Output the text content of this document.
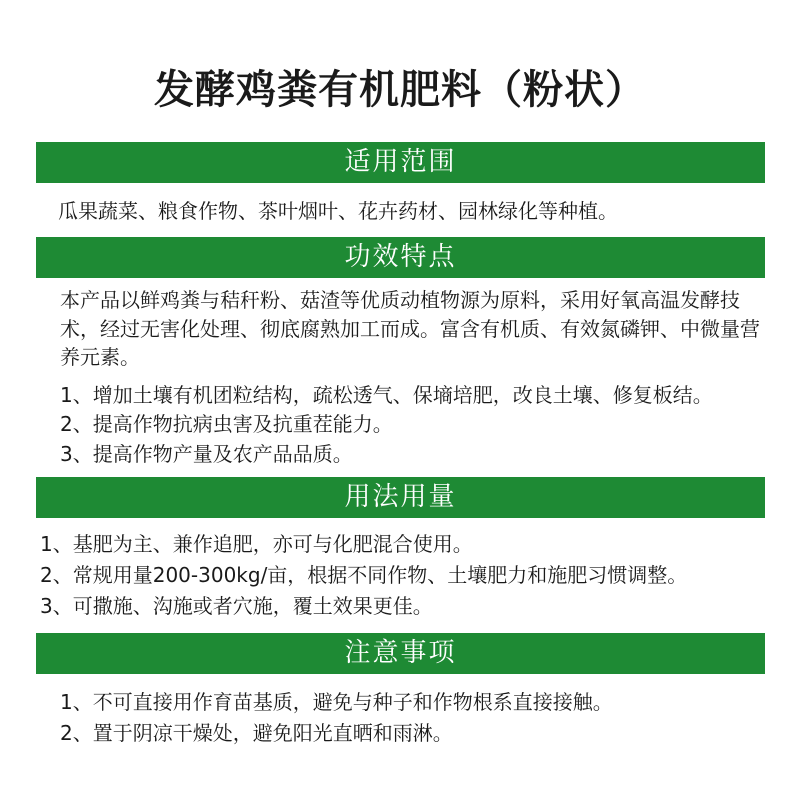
发酵鸡粪有机肥料（粉状）
适用范围
瓜果蔬菜、粮食作物、茶叶烟叶、花卉药材、园林绿化等种植。
功效特点
本产品以鲜鸡粪与秸秆粉、菇渣等优质动植物源为原料，采用好氧高温发酵技术，经过无害化处理、彻底腐熟加工而成。富含有机质、有效氮磷钾、中微量营养元素。
1、增加土壤有机团粒结构，疏松透气、保墒培肥，改良土壤、修复板结。
2、提高作物抗病虫害及抗重茬能力。
3、提高作物产量及农产品品质。
用法用量
1、基肥为主、兼作追肥，亦可与化肥混合使用。
2、常规用量200-300kg/亩，根据不同作物、土壤肥力和施肥习惯调整。
3、可撒施、沟施或者穴施，覆土效果更佳。
注意事项
1、不可直接用作育苗基质，避免与种子和作物根系直接接触。
2、置于阴凉干燥处，避免阳光直晒和雨淋。
